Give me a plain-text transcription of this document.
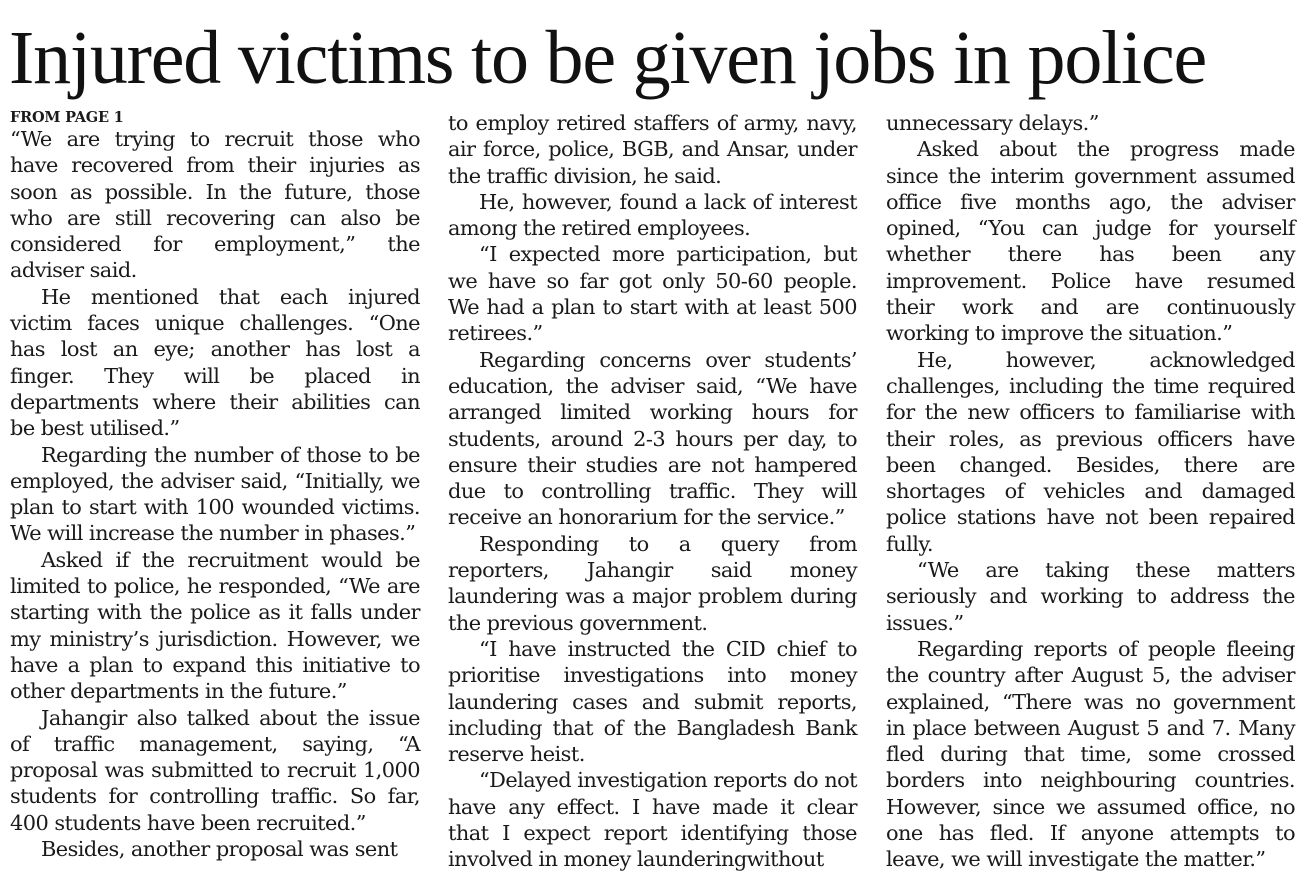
Injured victims to be given jobs in police
FROM PAGE 1

“We are trying to recruit those who have recovered from their injuries as soon as possible. In the future, those who are still recovering can also be considered for employment,” the adviser said.

He mentioned that each injured victim faces unique challenges. “One has lost an eye; another has lost a finger. They will be placed in departments where their abilities can be best utilised.”

Regarding the number of those to be employed, the adviser said, “Initially, we plan to start with 100 wounded victims. We will increase the number in phases.”

Asked if the recruitment would be limited to police, he responded, “We are starting with the police as it falls under my ministry’s jurisdiction. However, we have a plan to expand this initiative to other departments in the future.”

Jahangir also talked about the issue of traffic management, saying, “A proposal was submitted to recruit 1,000 students for controlling traffic. So far, 400 students have been recruited.”

Besides, another proposal was sent

to employ retired staffers of army, navy, air force, police, BGB, and Ansar, under the traffic division, he said.

He, however, found a lack of interest among the retired employees.

“I expected more participation, but we have so far got only 50-60 people. We had a plan to start with at least 500 retirees.”

Regarding concerns over students’ education, the adviser said, “We have arranged limited working hours for students, around 2-3 hours per day, to ensure their studies are not hampered due to controlling traffic. They will receive an honorarium for the service.”

Responding to a query from reporters, Jahangir said money laundering was a major problem during the previous government.

“I have instructed the CID chief to prioritise investigations into money laundering cases and submit reports, including that of the Bangladesh Bank reserve heist.

“Delayed investigation reports do not have any effect. I have made it clear that I expect report identifying those involved in money launderingwithout

unnecessary delays.”

Asked about the progress made since the interim government assumed office five months ago, the adviser opined, “You can judge for yourself whether there has been any improvement. Police have resumed their work and are continuously working to improve the situation.”

He, however, acknowledged challenges, including the time required for the new officers to familiarise with their roles, as previous officers have been changed. Besides, there are shortages of vehicles and damaged police stations have not been repaired fully.

“We are taking these matters seriously and working to address the issues.”

Regarding reports of people fleeing the country after August 5, the adviser explained, “There was no government in place between August 5 and 7. Many fled during that time, some crossed borders into neighbouring countries. However, since we assumed office, no one has fled. If anyone attempts to leave, we will investigate the matter.”
